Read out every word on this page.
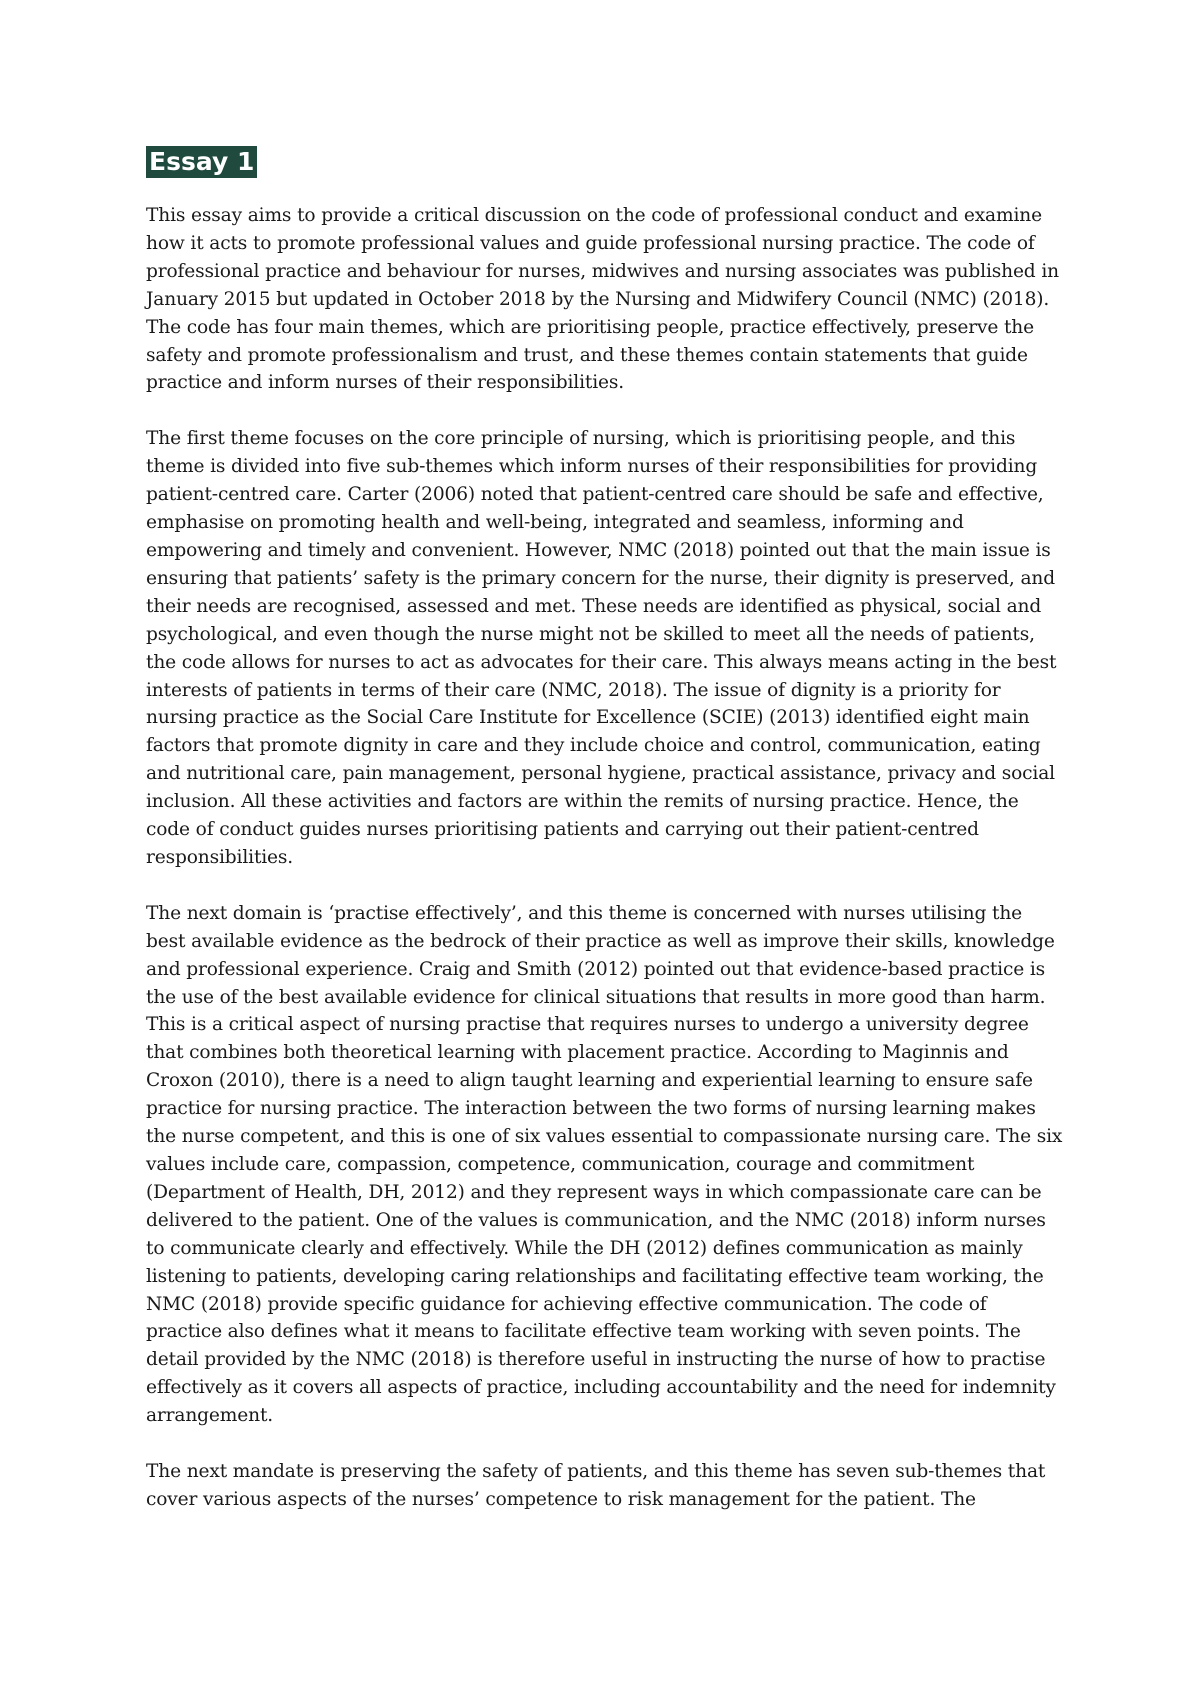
Essay 1

This essay aims to provide a critical discussion on the code of professional conduct and examine how it acts to promote professional values and guide professional nursing practice. The code of professional practice and behaviour for nurses, midwives and nursing associates was published in January 2015 but updated in October 2018 by the Nursing and Midwifery Council (NMC) (2018). The code has four main themes, which are prioritising people, practice effectively, preserve the safety and promote professionalism and trust, and these themes contain statements that guide practice and inform nurses of their responsibilities.

The first theme focuses on the core principle of nursing, which is prioritising people, and this theme is divided into five sub-themes which inform nurses of their responsibilities for providing patient-centred care. Carter (2006) noted that patient-centred care should be safe and effective, emphasise on promoting health and well-being, integrated and seamless, informing and empowering and timely and convenient. However, NMC (2018) pointed out that the main issue is ensuring that patients’ safety is the primary concern for the nurse, their dignity is preserved, and their needs are recognised, assessed and met. These needs are identified as physical, social and psychological, and even though the nurse might not be skilled to meet all the needs of patients, the code allows for nurses to act as advocates for their care. This always means acting in the best interests of patients in terms of their care (NMC, 2018). The issue of dignity is a priority for nursing practice as the Social Care Institute for Excellence (SCIE) (2013) identified eight main factors that promote dignity in care and they include choice and control, communication, eating and nutritional care, pain management, personal hygiene, practical assistance, privacy and social inclusion. All these activities and factors are within the remits of nursing practice. Hence, the code of conduct guides nurses prioritising patients and carrying out their patient-centred responsibilities.

The next domain is ‘practise effectively’, and this theme is concerned with nurses utilising the best available evidence as the bedrock of their practice as well as improve their skills, knowledge and professional experience. Craig and Smith (2012) pointed out that evidence-based practice is the use of the best available evidence for clinical situations that results in more good than harm. This is a critical aspect of nursing practise that requires nurses to undergo a university degree that combines both theoretical learning with placement practice. According to Maginnis and Croxon (2010), there is a need to align taught learning and experiential learning to ensure safe practice for nursing practice. The interaction between the two forms of nursing learning makes the nurse competent, and this is one of six values essential to compassionate nursing care. The six values include care, compassion, competence, communication, courage and commitment (Department of Health, DH, 2012) and they represent ways in which compassionate care can be delivered to the patient. One of the values is communication, and the NMC (2018) inform nurses to communicate clearly and effectively. While the DH (2012) defines communication as mainly listening to patients, developing caring relationships and facilitating effective team working, the NMC (2018) provide specific guidance for achieving effective communication. The code of practice also defines what it means to facilitate effective team working with seven points. The detail provided by the NMC (2018) is therefore useful in instructing the nurse of how to practise effectively as it covers all aspects of practice, including accountability and the need for indemnity arrangement.

The next mandate is preserving the safety of patients, and this theme has seven sub-themes that cover various aspects of the nurses’ competence to risk management for the patient. The
